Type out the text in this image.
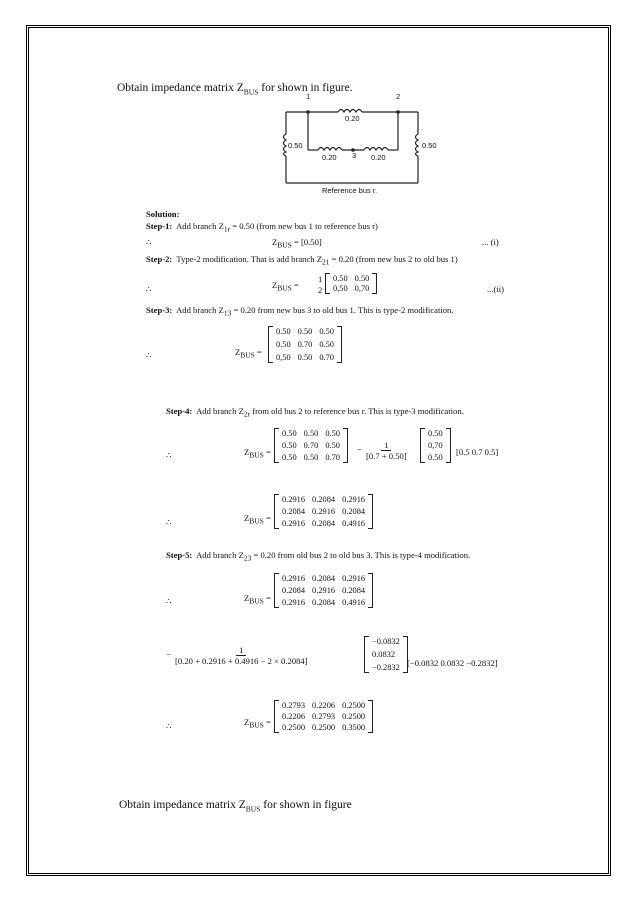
Obtain impedance matrix $Z_{BUS}$ for shown in figure.
1	2
0.20
0.50	0.50
0.20 3 0.20
Reference bus r.
Solution:
Step-1: Add branch $Z_{1r} = 0.50$ (from new bus 1 to reference bus r)
∴	$Z_{BUS} = [0.50]$	... (i)
Step-2: Type-2 modification. That is add branch $Z_{21} = 0.20$ (from new bus 2 to old bus 1)
∴	$Z_{BUS}$ =
1
2
0.50 0.50
0,50 0,70	...(ii)
Step-3: Add branch $Z_{13} = 0.20$ from new bus 3 to old bus 1. This is type-2 modification.
∴	$Z_{BUS}$ =
0.50 0.50 0.50
0.50 0.70 0.50
0,50 0.50 0.70
Step-4: Add branch $Z_{2r}$ from old bus 2 to reference bus r. This is type-3 modification.
∴	$Z_{BUS}$ =
0.50 0.50 0.50
0.50 0.70 0.50
0.50 0.50 0.70
− $\frac{1}{[0.7 + 0.50]}$
0.50
0,70
0.50
[0.5 0.7 0.5]
∴	$Z_{BUS}$ =
0.2916 0.2084 0.2916
0.2084 0.2916 0.2084
0.2916 0.2084 0.4916
Step-5: Add branch $Z_{23} = 0.20$ from old bus 2 to old bus 3. This is type-4 modification.
∴	$Z_{BUS}$ =
0.2916 0.2084 0.2916
0.2084 0.2916 0.2084
0.2916 0.2084 0.4916
− $\frac{1}{[0.20 + 0.2916 + 0.4916 - 2 \times 0.2084]}$
−0.0832
0.0832
−0.2832 [−0.0832 0.0832 −0.2832]
∴	$Z_{BUS}$ =
0.2793 0.2206 0.2500
0.2206 0.2793 0.2500
0.2500 0.2500 0.3500
Obtain impedance matrix $Z_{BUS}$ for shown in figure
